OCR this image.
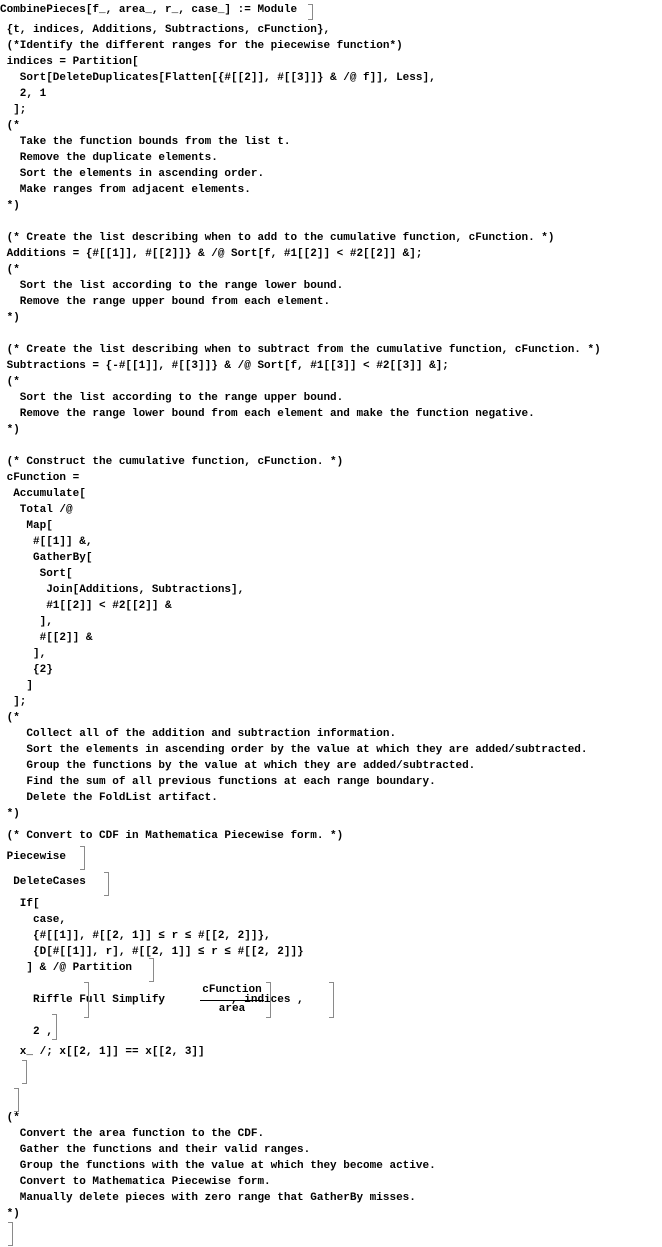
CombinePieces[f_, area_, r_, case_] := Module
{t, indices, Additions, Subtractions, cFunction},
(*Identify the different ranges for the piecewise function*)
indices = Partition[
Sort[DeleteDuplicates[Flatten[{#[[2]], #[[3]]} & /@ f]], Less],
2, 1
];
(*
Take the function bounds from the list t.
Remove the duplicate elements.
Sort the elements in ascending order.
Make ranges from adjacent elements.
*)
(* Create the list describing when to add to the cumulative function, cFunction. *)
Additions = {#[[1]], #[[2]]} & /@ Sort[f, #1[[2]] < #2[[2]] &];
(*
Sort the list according to the range lower bound.
Remove the range upper bound from each element.
*)
(* Create the list describing when to subtract from the cumulative function, cFunction. *)
Subtractions = {-#[[1]], #[[3]]} & /@ Sort[f, #1[[3]] < #2[[3]] &];
(*
Sort the list according to the range upper bound.
Remove the range lower bound from each element and make the function negative.
*)
(* Construct the cumulative function, cFunction. *)
cFunction =
Accumulate[
Total /@
Map[
#[[1]] &,
GatherBy[
Sort[
Join[Additions, Subtractions],
#1[[2]] < #2[[2]] &
],
#[[2]] &
],
{2}
]
];
(*
Collect all of the addition and subtraction information.
Sort the elements in ascending order by the value at which they are added/subtracted.
Group the functions by the value at which they are added/subtracted.
Find the sum of all previous functions at each range boundary.
Delete the FoldList artifact.
*)
(* Convert to CDF in Mathematica Piecewise form. *)
Piecewise
DeleteCases
If[
case,
{#[[1]], #[[2, 1]] ≤ r ≤ #[[2, 2]]},
{D[#[[1]], r], #[[2, 1]] ≤ r ≤ #[[2, 2]]}
] & /@ Partition
Riffle Full Simplify          , indices ,
2 ,
x_ /; x[[2, 1]] == x[[2, 3]]
(*
Convert the area function to the CDF.
Gather the functions and their valid ranges.
Group the functions with the value at which they become active.
Convert to Mathematica Piecewise form.
Manually delete pieces with zero range that GatherBy misses.
*)
cFunction
area
